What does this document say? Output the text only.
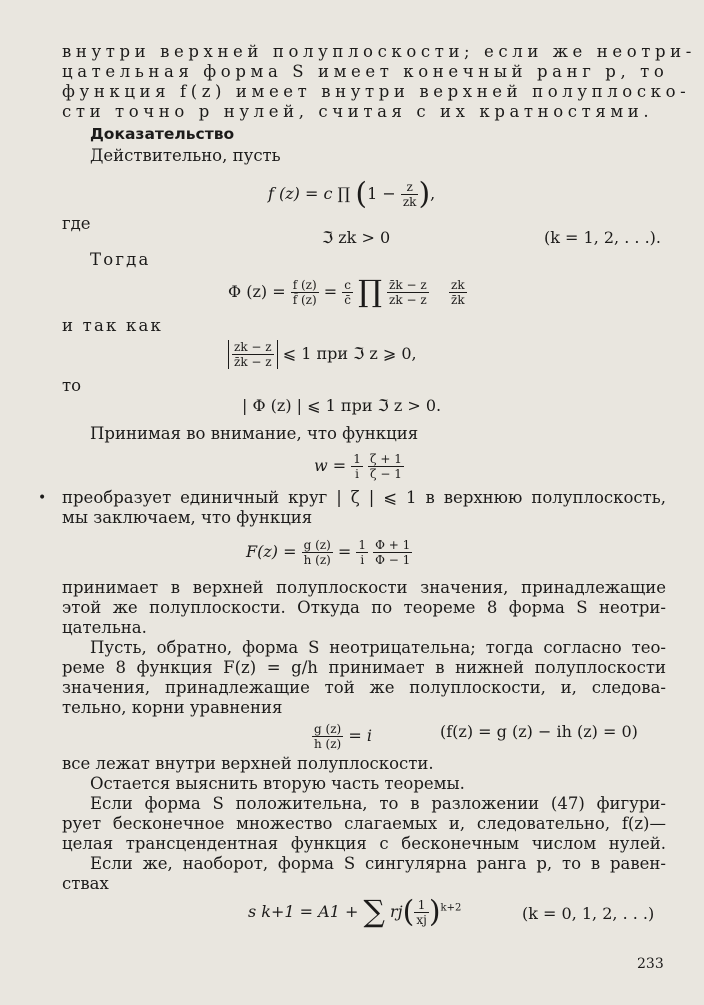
внутри верхней полуплоскости; если же неотри-
цательная форма S имеет конечный ранг p, то
функция f(z) имеет внутри верхней полуплоско-
сти точно p нулей, считая с их кратностями.
Доказательство
Действительно, пусть
f (z) = c ∏ ($1 - \frac{z}{zk}$ ),
где
ℑ zk > 0	(k = 1, 2, . . .).
Тогда
Φ $(z) = \frac{f (z)}{f̄ (z)} = \frac{c}{c̄}$ ∏ $\frac{z̄k - z}{zk - z}$
$\frac{zk}{z̄k}$
и так как
$\frac{zk - z}{z̄k - z}$ ⩽ 1 при ℑ z ⩾ 0,
то
| Φ (z) | ⩽ 1 при ℑ z > 0.
Принимая во внимание, что функция
$w = \frac{1}{i}$
$\frac{\zeta + 1}{\zeta - 1}$
• преобразует единичный круг | ζ | ⩽ 1 в верхнюю полуплоскость,
мы заключаем, что функция
$F(z) = \frac{g (z)}{h (z)} = \frac{1}{i}$
$\frac{\Phi + 1}{\Phi - 1}$
принимает в верхней полуплоскости значения, принадлежащие
этой же полуплоскости. Откуда по теореме 8 форма S неотри-
цательна.
Пусть, обратно, форма S неотрицательна; тогда согласно тео-
реме 8 функция F(z) = g/h принимает в нижней полуплоскости
значения, принадлежащие той же полуплоскости, и, следова-
тельно, корни уравнения
$\frac{g (z)}{h (z)} = i$	(f(z) = g (z) − ih (z) = 0)
все лежат внутри верхней полуплоскости.
Остается выяснить вторую часть теоремы.
Если форма S положительна, то в разложении (47) фигури-
рует бесконечное множество слагаемых и, следовательно, f(z)—
целая трансцендентная функция с бесконечным числом нулей.
Если же, наоборот, форма S сингулярна ранга p, то в равен-
ствах
s k+1 = A1 + ∑ $rj( \frac{1}{xj} )^{k+2}$	(k = 0, 1, 2, . . .)
233
